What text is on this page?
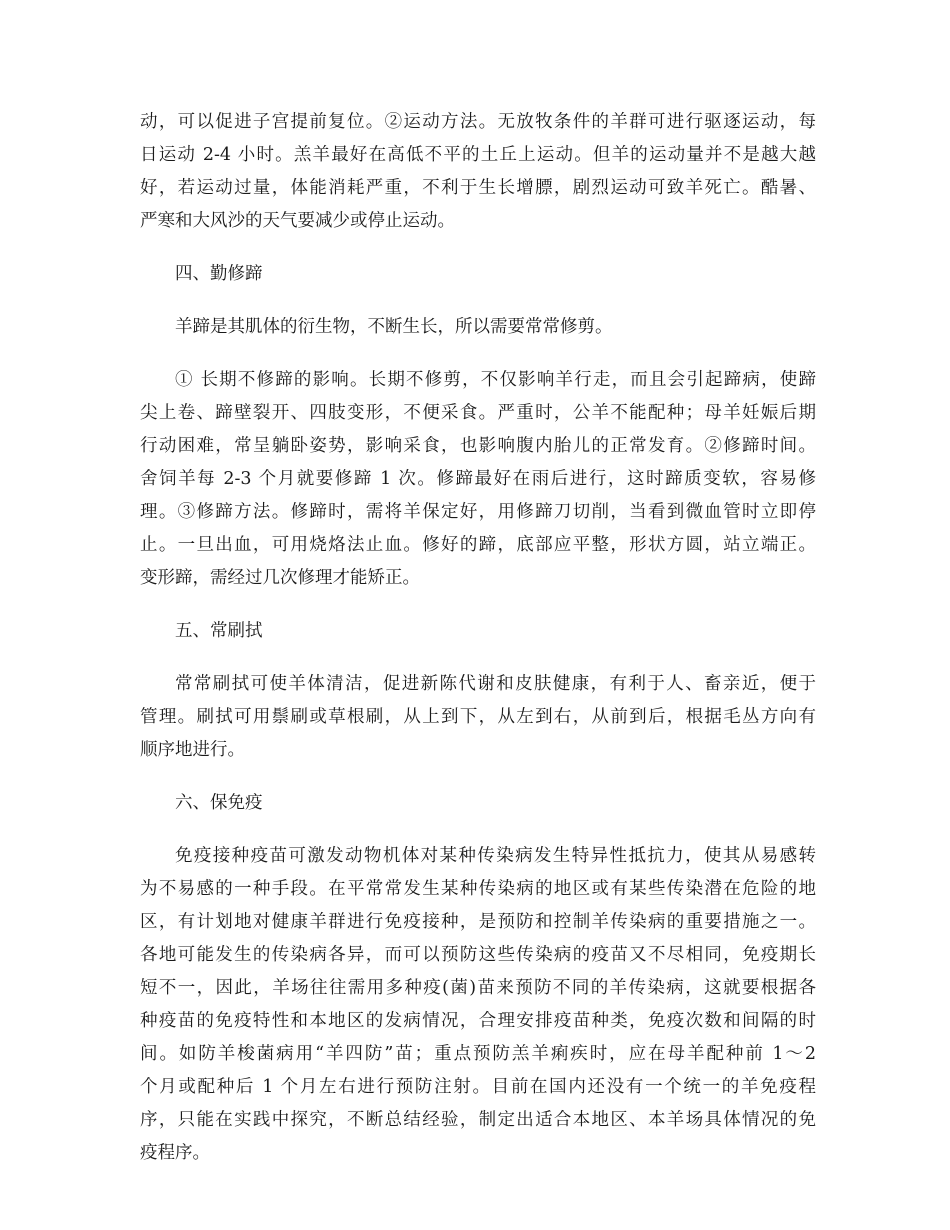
动，可以促进子宫提前复位。②运动方法。无放牧条件的羊群可进行驱逐运动，每
日运动 2-4 小时。羔羊最好在高低不平的土丘上运动。但羊的运动量并不是越大越
好，若运动过量，体能消耗严重，不利于生长增膘，剧烈运动可致羊死亡。酷暑、
严寒和大风沙的天气要减少或停止运动。
四、勤修蹄
羊蹄是其肌体的衍生物，不断生长，所以需要常常修剪。
① 长期不修蹄的影响。长期不修剪，不仅影响羊行走，而且会引起蹄病，使蹄
尖上卷、蹄壁裂开、四肢变形，不便采食。严重时，公羊不能配种；母羊妊娠后期
行动困难，常呈躺卧姿势，影响采食，也影响腹内胎儿的正常发育。②修蹄时间。
舍饲羊每 2-3 个月就要修蹄 1 次。修蹄最好在雨后进行，这时蹄质变软，容易修
理。③修蹄方法。修蹄时，需将羊保定好，用修蹄刀切削，当看到微血管时立即停
止。一旦出血，可用烧烙法止血。修好的蹄，底部应平整，形状方圆，站立端正。
变形蹄，需经过几次修理才能矫正。
五、常刷拭
常常刷拭可使羊体清洁，促进新陈代谢和皮肤健康，有利于人、畜亲近，便于
管理。刷拭可用鬃刷或草根刷，从上到下，从左到右，从前到后，根据毛丛方向有
顺序地进行。
六、保免疫
免疫接种疫苗可激发动物机体对某种传染病发生特异性抵抗力，使其从易感转
为不易感的一种手段。在平常常发生某种传染病的地区或有某些传染潜在危险的地
区，有计划地对健康羊群进行免疫接种，是预防和控制羊传染病的重要措施之一。
各地可能发生的传染病各异，而可以预防这些传染病的疫苗又不尽相同，免疫期长
短不一，因此，羊场往往需用多种疫(菌)苗来预防不同的羊传染病，这就要根据各
种疫苗的免疫特性和本地区的发病情况，合理安排疫苗种类，免疫次数和间隔的时
间。如防羊梭菌病用“羊四防”苗；重点预防羔羊痢疾时，应在母羊配种前 1～2
个月或配种后 1 个月左右进行预防注射。目前在国内还没有一个统一的羊免疫程
序，只能在实践中探究，不断总结经验，制定出适合本地区、本羊场具体情况的免
疫程序。
